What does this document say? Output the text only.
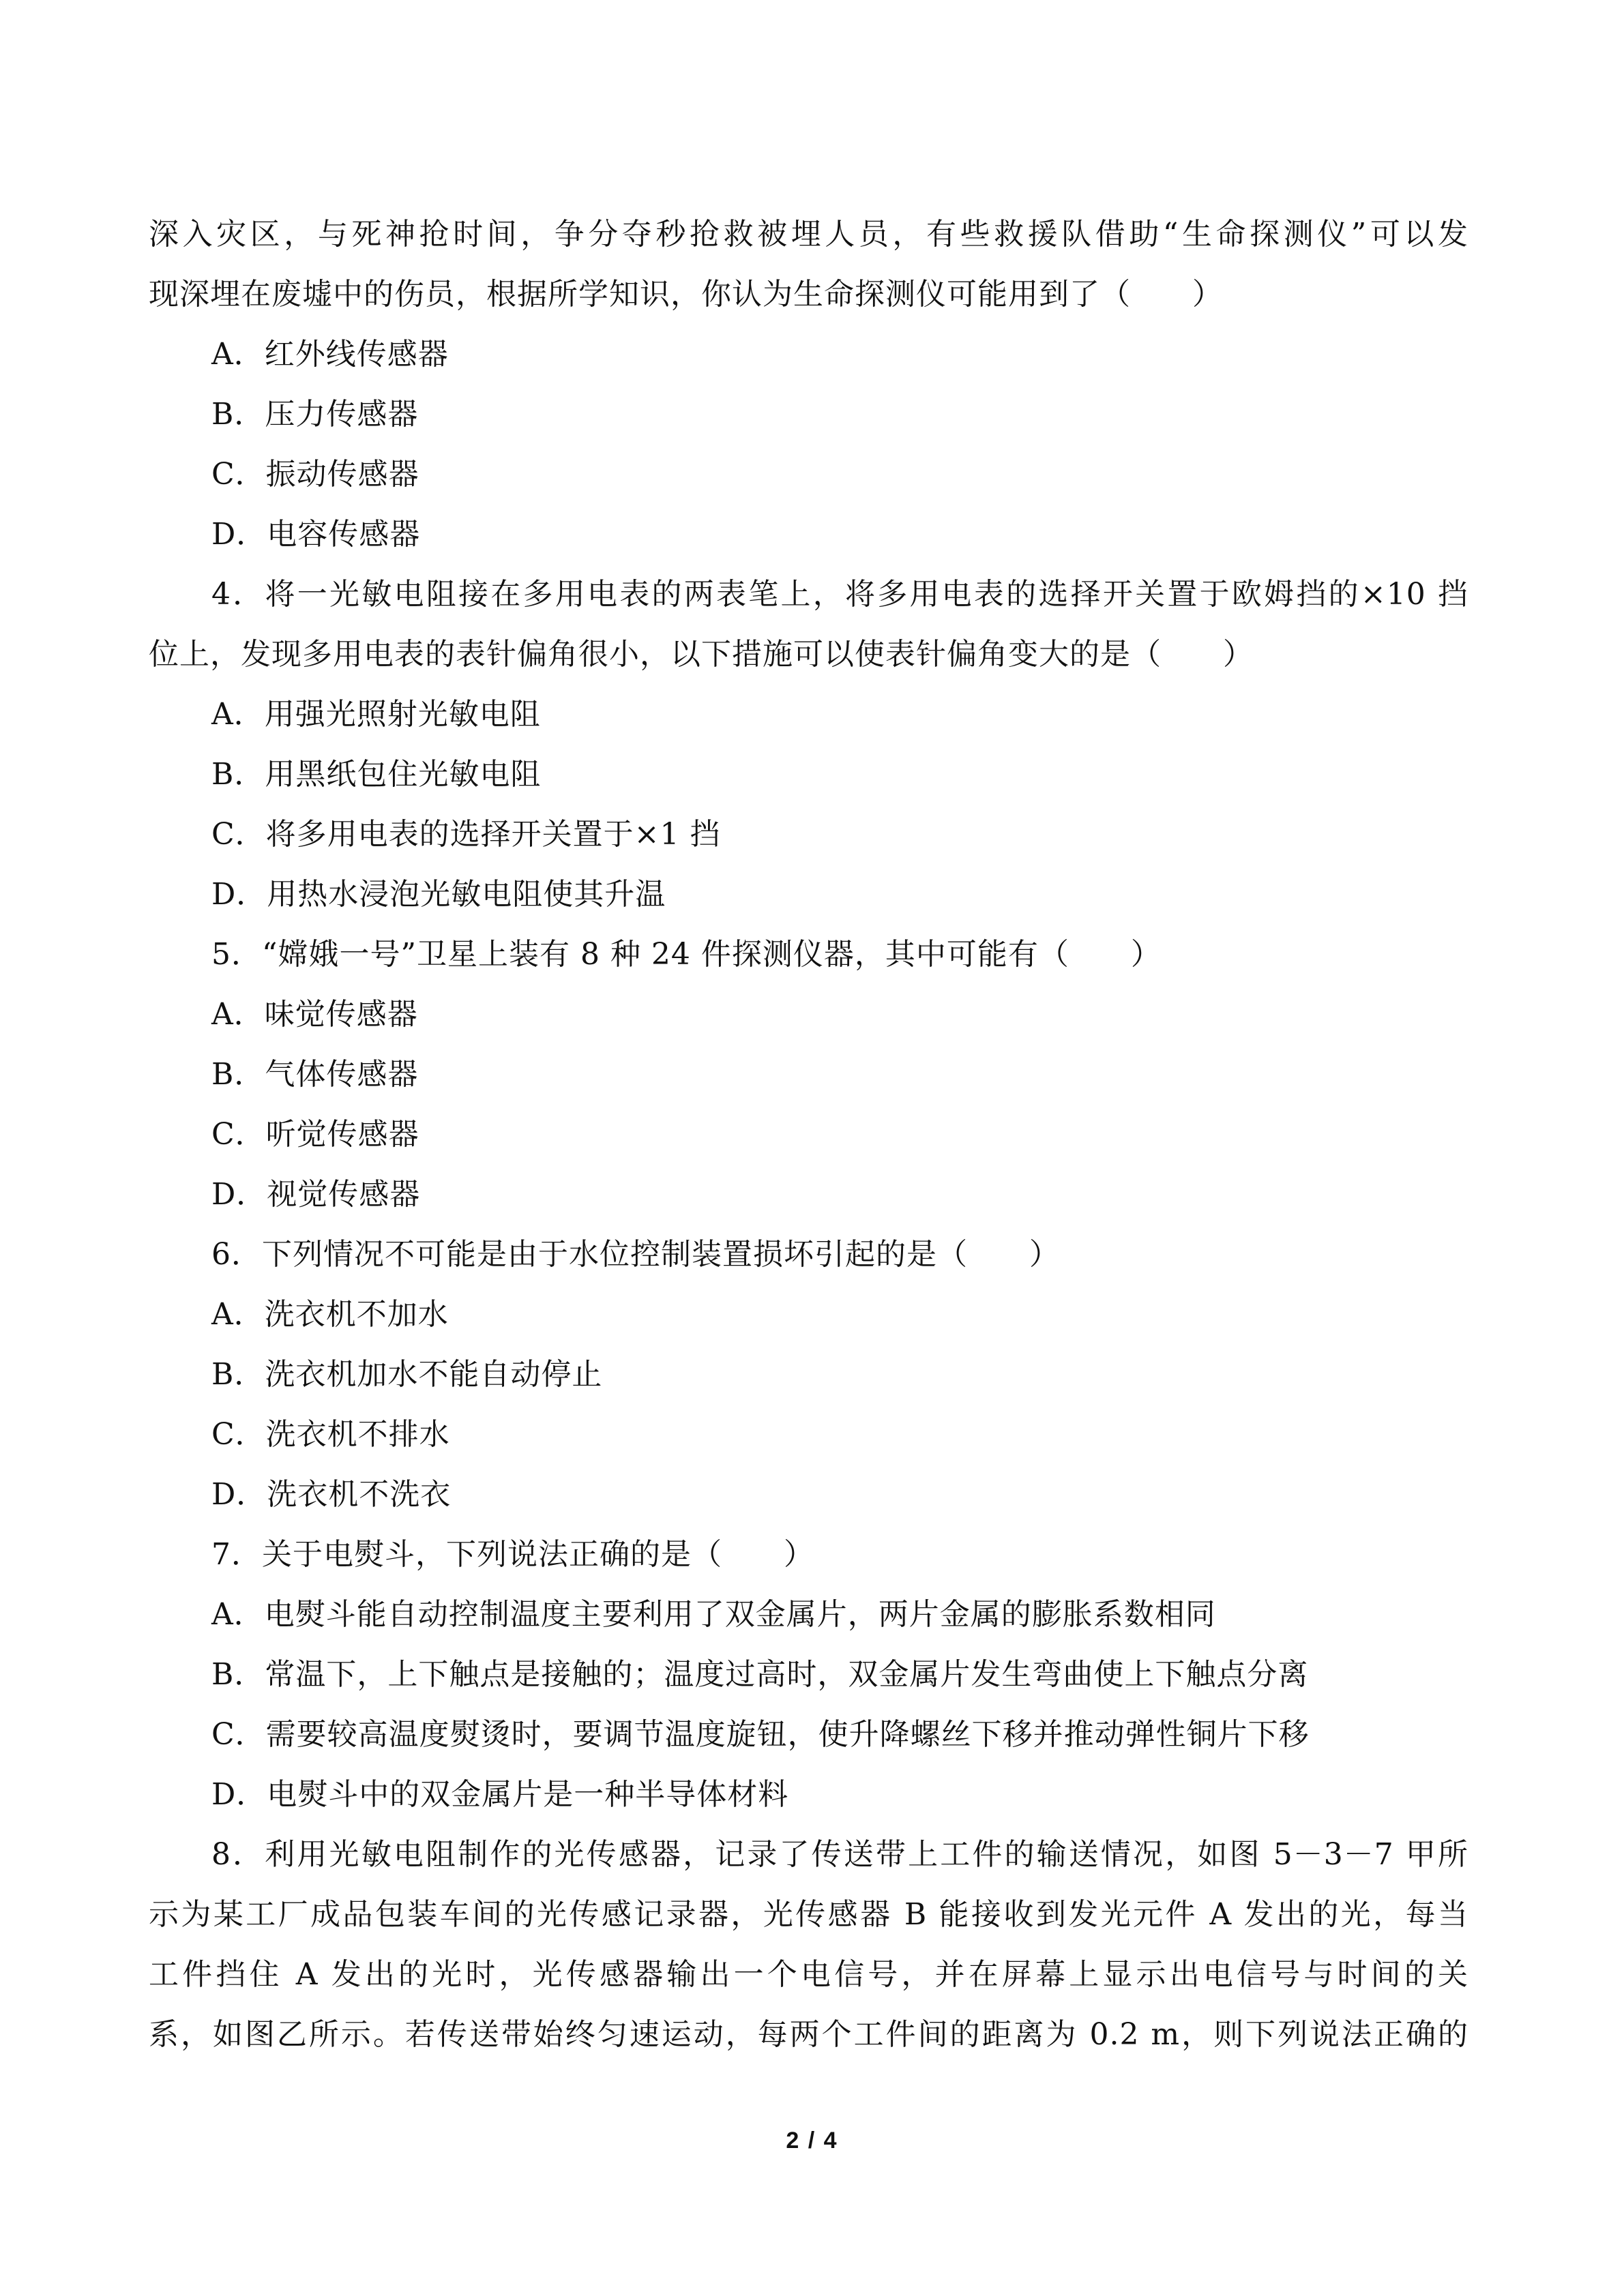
深入灾区，与死神抢时间，争分夺秒抢救被埋人员，有些救援队借助“生命探测仪”可以发
现深埋在废墟中的伤员，根据所学知识，你认为生命探测仪可能用到了（　　）
A．红外线传感器
B．压力传感器
C．振动传感器
D．电容传感器
4．将一光敏电阻接在多用电表的两表笔上，将多用电表的选择开关置于欧姆挡的×10 挡
位上，发现多用电表的表针偏角很小，以下措施可以使表针偏角变大的是（　　）
A．用强光照射光敏电阻
B．用黑纸包住光敏电阻
C．将多用电表的选择开关置于×1 挡
D．用热水浸泡光敏电阻使其升温
5．“嫦娥一号”卫星上装有 8 种 24 件探测仪器，其中可能有（　　）
A．味觉传感器
B．气体传感器
C．听觉传感器
D．视觉传感器
6．下列情况不可能是由于水位控制装置损坏引起的是（　　）
A．洗衣机不加水
B．洗衣机加水不能自动停止
C．洗衣机不排水
D．洗衣机不洗衣
7．关于电熨斗，下列说法正确的是（　　）
A．电熨斗能自动控制温度主要利用了双金属片，两片金属的膨胀系数相同
B．常温下，上下触点是接触的；温度过高时，双金属片发生弯曲使上下触点分离
C．需要较高温度熨烫时，要调节温度旋钮，使升降螺丝下移并推动弹性铜片下移
D．电熨斗中的双金属片是一种半导体材料
8．利用光敏电阻制作的光传感器，记录了传送带上工件的输送情况，如图 5－3－7 甲所
示为某工厂成品包装车间的光传感记录器，光传感器 B 能接收到发光元件 A 发出的光，每当
工件挡住 A 发出的光时，光传感器输出一个电信号，并在屏幕上显示出电信号与时间的关
系，如图乙所示。若传送带始终匀速运动，每两个工件间的距离为 0.2 m，则下列说法正确的
2 / 4
